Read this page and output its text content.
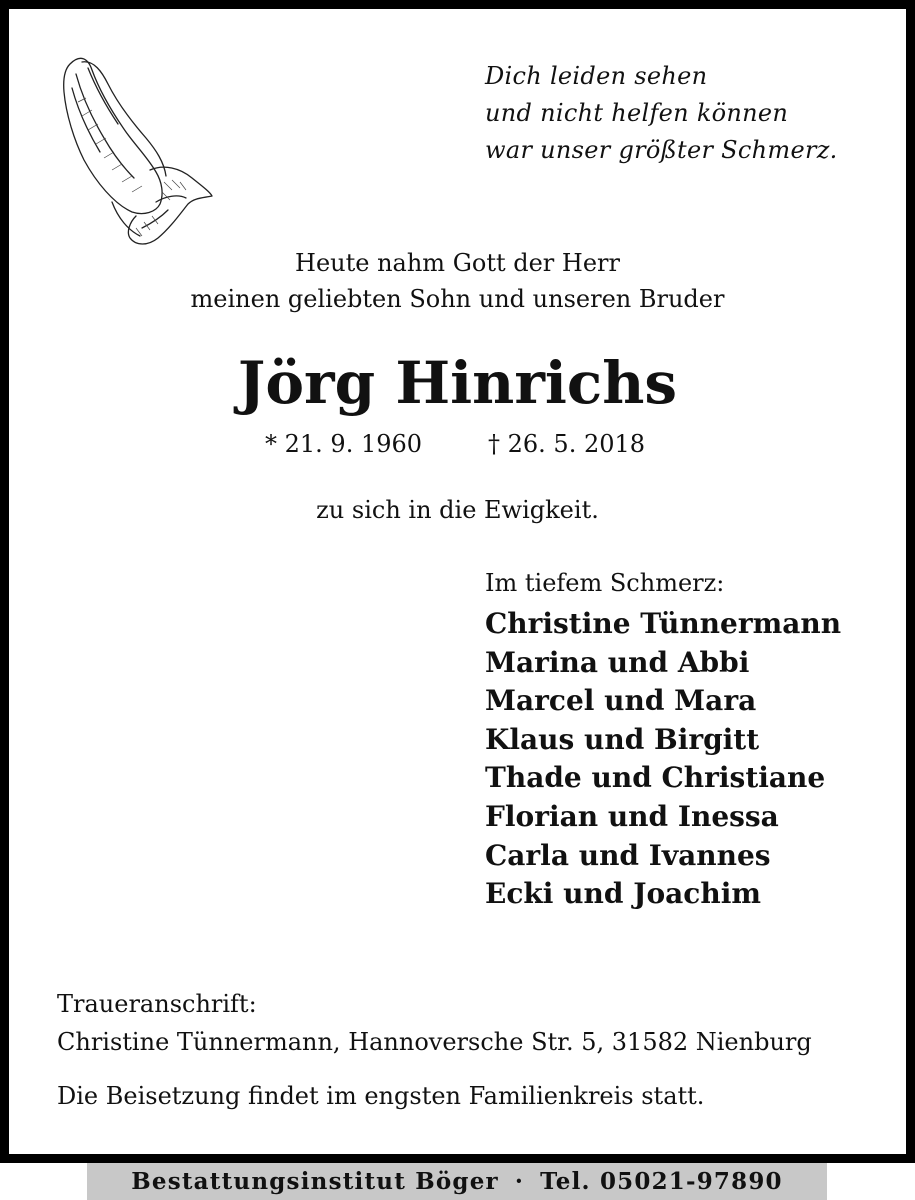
Dich leiden sehen
und nicht helfen können
war unser größter Schmerz.
Heute nahm Gott der Herr
meinen geliebten Sohn und unseren Bruder
Jörg Hinrichs
* 21. 9. 1960	† 26. 5. 2018
zu sich in die Ewigkeit.
Im tiefem Schmerz:
Christine Tünnermann
Marina und Abbi
Marcel und Mara
Klaus und Birgitt
Thade und Christiane
Florian und Inessa
Carla und Ivannes
Ecki und Joachim
Traueranschrift:
Christine Tünnermann, Hannoversche Str. 5, 31582 Nienburg
Die Beisetzung findet im engsten Familienkreis statt.
Bestattungsinstitut Böger · Tel. 05021-97890
